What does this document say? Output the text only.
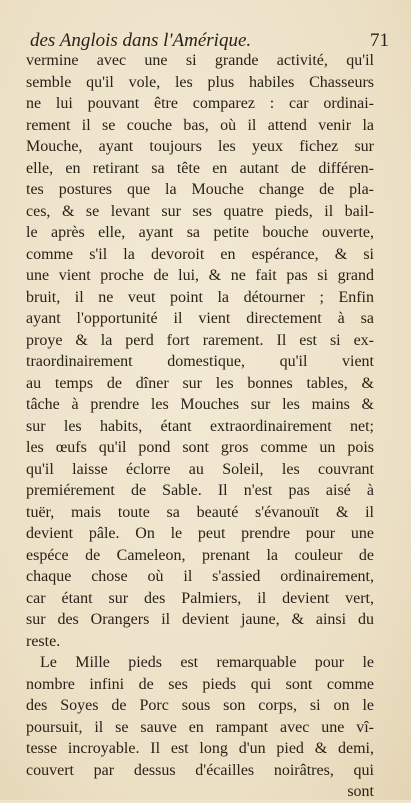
des Anglois dans l'Amérique.	71
vermine avec une si grande activité, qu'il
semble qu'il vole, les plus habiles Chasseurs
ne lui pouvant être comparez : car ordinai-
rement il se couche bas, où il attend venir la
Mouche, ayant toujours les yeux fichez sur
elle, en retirant sa tête en autant de différen-
tes postures que la Mouche change de pla-
ces, & se levant sur ses quatre pieds, il bail-
le après elle, ayant sa petite bouche ouverte,
comme s'il la devoroit en espérance, & si
une vient proche de lui, & ne fait pas si grand
bruit, il ne veut point la détourner ; Enfin
ayant l'opportunité il vient directement à sa
proye & la perd fort rarement. Il est si ex-
traordinairement domestique, qu'il vient
au temps de dîner sur les bonnes tables, &
tâche à prendre les Mouches sur les mains &
sur les habits, étant extraordinairement net;
les œufs qu'il pond sont gros comme un pois
qu'il laisse éclorre au Soleil, les couvrant
premiérement de Sable. Il n'est pas aisé à
tuër, mais toute sa beauté s'évanouït & il
devient pâle. On le peut prendre pour une
espéce de Cameleon, prenant la couleur de
chaque chose où il s'assied ordinairement,
car étant sur des Palmiers, il devient vert,
sur des Orangers il devient jaune, & ainsi du
reste.
Le Mille pieds est remarquable pour le
nombre infini de ses pieds qui sont comme
des Soyes de Porc sous son corps, si on le
poursuit, il se sauve en rampant avec une vî-
tesse incroyable. Il est long d'un pied & demi,
couvert par dessus d'écailles noirâtres, qui
sont
